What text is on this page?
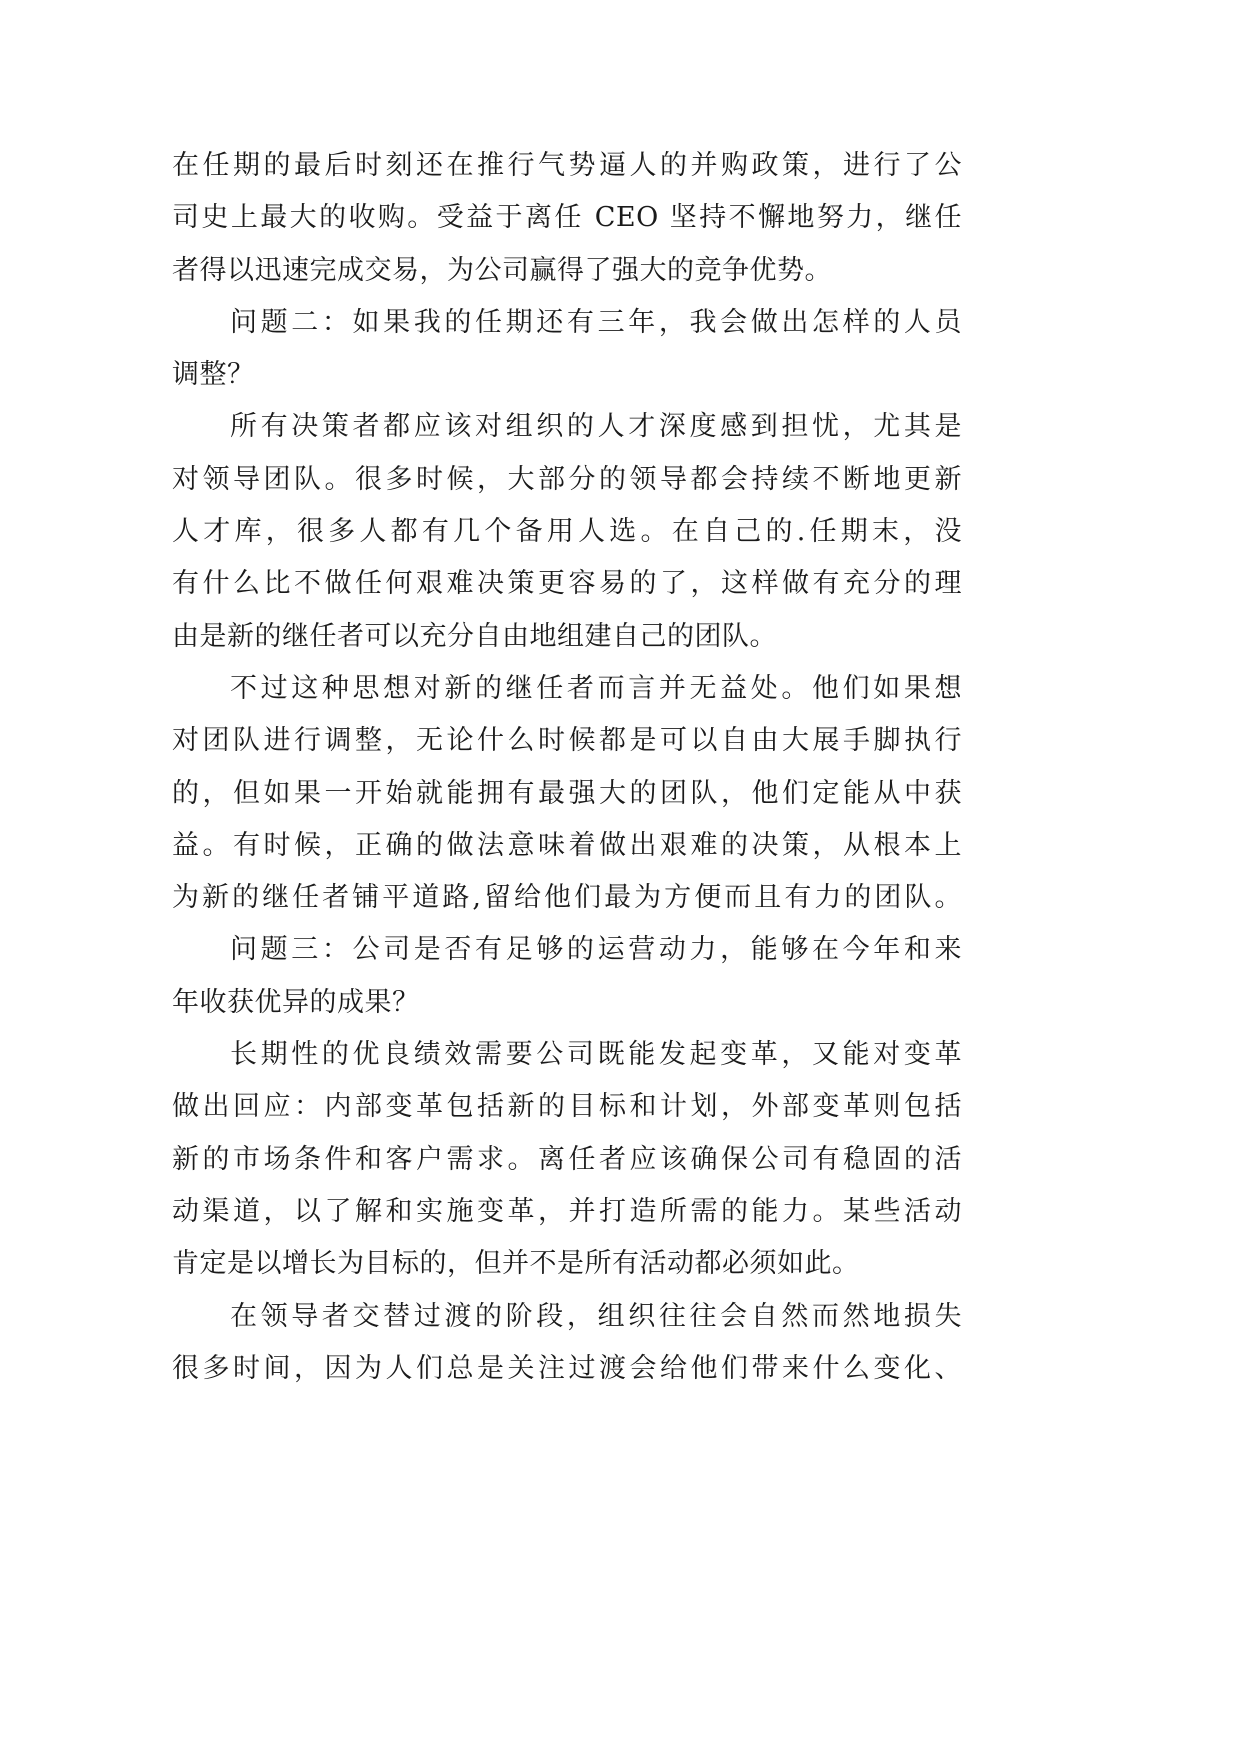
在任期的最后时刻还在推行气势逼人的并购政策，进行了公
司史上最大的收购。受益于离任 CEO 坚持不懈地努力，继任
者得以迅速完成交易，为公司赢得了强大的竞争优势。
问题二：如果我的任期还有三年，我会做出怎样的人员
调整？
所有决策者都应该对组织的人才深度感到担忧，尤其是
对领导团队。很多时候，大部分的领导都会持续不断地更新
人才库，很多人都有几个备用人选。在自己的.任期末，没
有什么比不做任何艰难决策更容易的了，这样做有充分的理
由是新的继任者可以充分自由地组建自己的团队。
不过这种思想对新的继任者而言并无益处。他们如果想
对团队进行调整，无论什么时候都是可以自由大展手脚执行
的，但如果一开始就能拥有最强大的团队，他们定能从中获
益。有时候，正确的做法意味着做出艰难的决策，从根本上
为新的继任者铺平道路,留给他们最为方便而且有力的团队。
问题三：公司是否有足够的运营动力，能够在今年和来
年收获优异的成果？
长期性的优良绩效需要公司既能发起变革，又能对变革
做出回应：内部变革包括新的目标和计划，外部变革则包括
新的市场条件和客户需求。离任者应该确保公司有稳固的活
动渠道，以了解和实施变革，并打造所需的能力。某些活动
肯定是以增长为目标的，但并不是所有活动都必须如此。
在领导者交替过渡的阶段，组织往往会自然而然地损失
很多时间，因为人们总是关注过渡会给他们带来什么变化、
